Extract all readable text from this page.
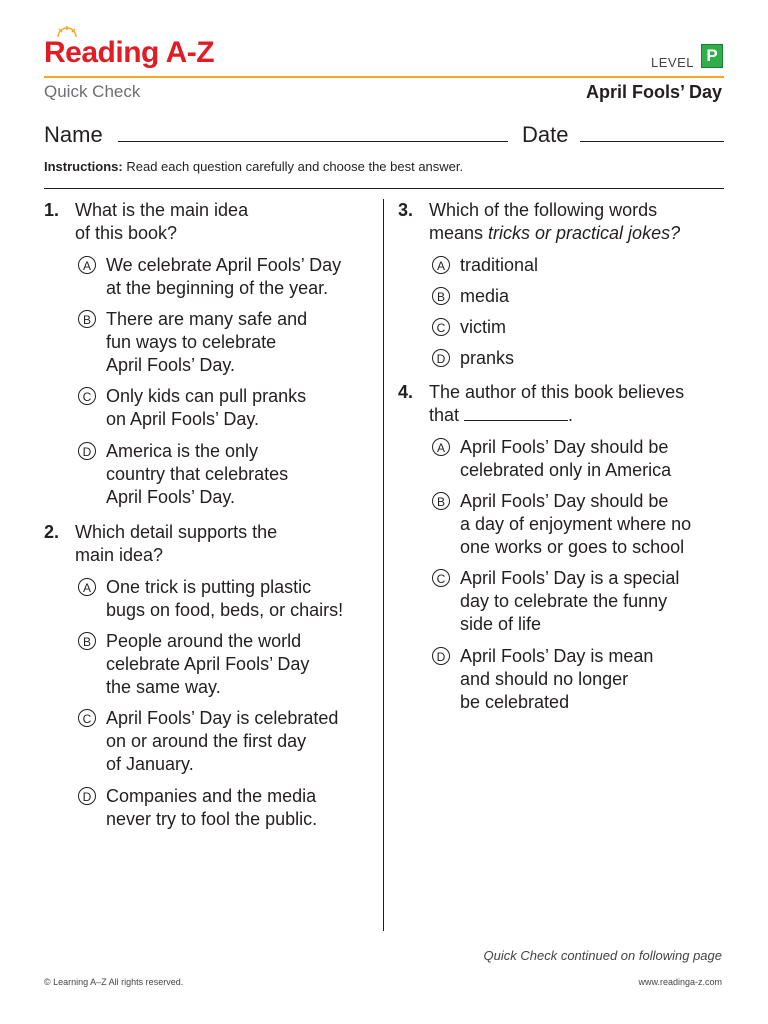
Reading A-Z	LEVEL P
Quick Check	April Fools’ Day
Name	Date
Instructions: Read each question carefully and choose the best answer.
1. What is the main idea
of this book?
A We celebrate April Fools’ Day
at the beginning of the year.
B There are many safe and
fun ways to celebrate
April Fools’ Day.
C Only kids can pull pranks
on April Fools’ Day.
D America is the only
country that celebrates
April Fools’ Day.
2. Which detail supports the
main idea?
A One trick is putting plastic
bugs on food, beds, or chairs!
B People around the world
celebrate April Fools’ Day
the same way.
C April Fools’ Day is celebrated
on or around the first day
of January.
D Companies and the media
never try to fool the public.
3. Which of the following words
means tricks or practical jokes?
A traditional
B media
C victim
D pranks
4. The author of this book believes
that	.
A April Fools’ Day should be
celebrated only in America
B April Fools’ Day should be
a day of enjoyment where no
one works or goes to school
C April Fools’ Day is a special
day to celebrate the funny
side of life
D April Fools’ Day is mean
and should no longer
be celebrated
Quick Check continued on following page
© Learning A–Z All rights reserved.	www.readinga-z.com
